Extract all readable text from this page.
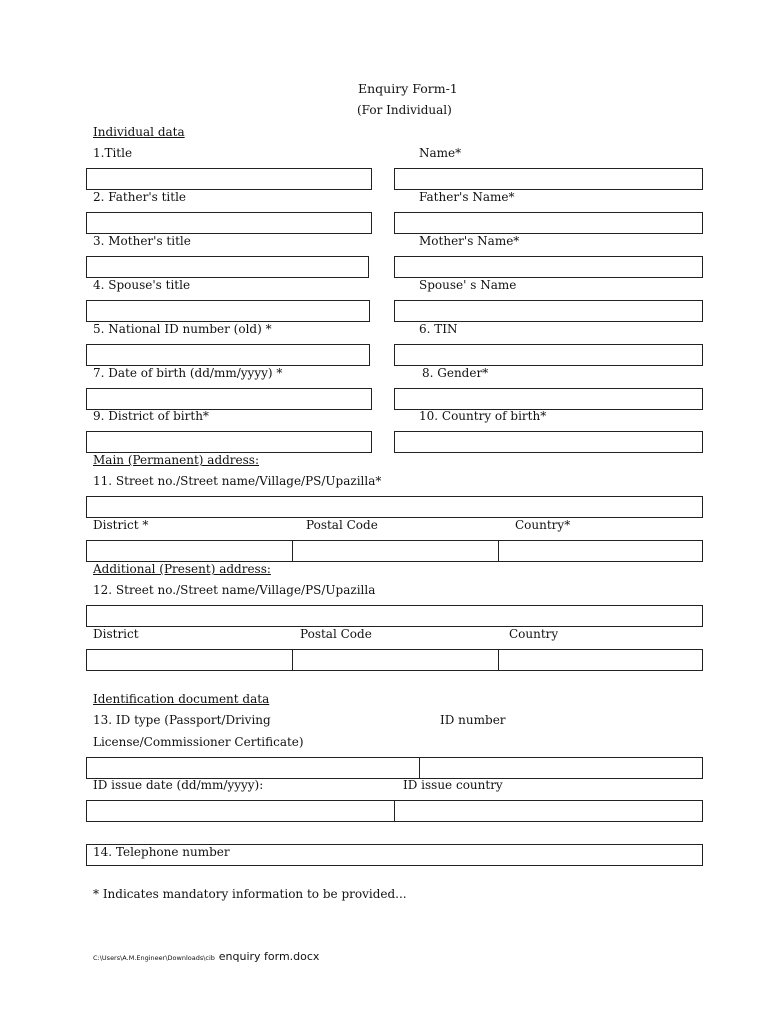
Enquiry Form-1
(For Individual)
Individual data
1.Title	Name*
2. Father's title	Father's Name*
3. Mother's title	Mother's Name*
4. Spouse's title	Spouse' s Name
5. National ID number (old) *	6. TIN
7. Date of birth (dd/mm/yyyy) *	8. Gender*
9. District of birth*	10. Country of birth*
Main (Permanent) address:
11. Street no./Street name/Village/PS/Upazilla*
District *	Postal Code	Country*
Additional (Present) address:
12. Street no./Street name/Village/PS/Upazilla
District	Postal Code	Country
Identification document data
13. ID type (Passport/Driving	ID number
License/Commissioner Certificate)
ID issue date (dd/mm/yyyy):	ID issue country
14. Telephone number
* Indicates mandatory information to be provided...
C:\Users\A.M.Engineer\Downloads\cib enquiry form.docx
